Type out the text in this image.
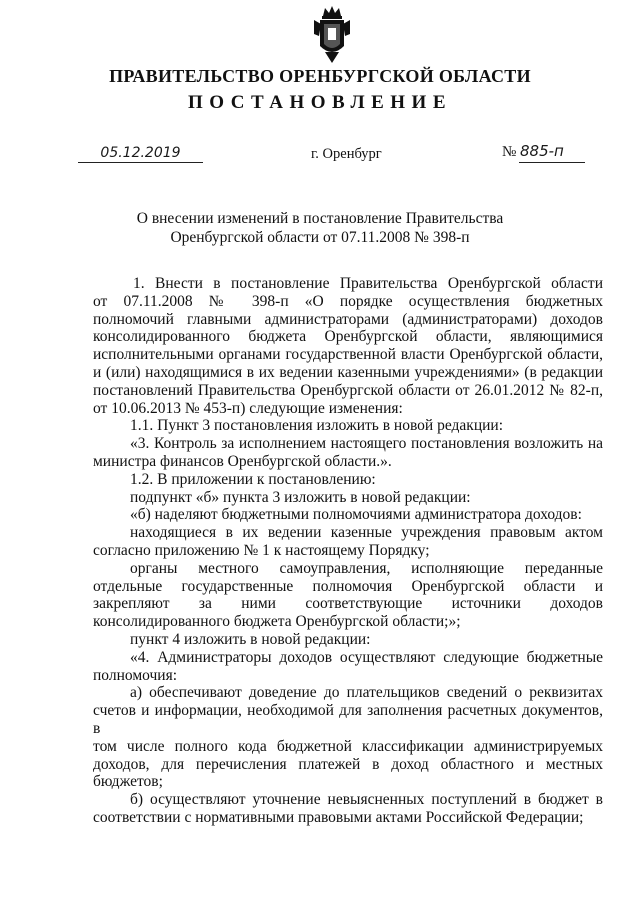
ПРАВИТЕЛЬСТВО ОРЕНБУРГСКОЙ ОБЛАСТИ
ПОСТАНОВЛЕНИЕ
05.12.2019	г. Оренбург	№ 885-п
О внесении изменений в постановление Правительства
Оренбургской области от 07.11.2008 № 398-п

1. Внести в постановление Правительства Оренбургской области

от 07.11.2008 № 398-п «О порядке осуществления бюджетных

полномочий главными администраторами (администраторами) доходов

консолидированного бюджета Оренбургской области, являющимися

исполнительными органами государственной власти Оренбургской области,

и (или) находящимися в их ведении казенными учреждениями» (в редакции

постановлений Правительства Оренбургской области от 26.01.2012 № 82-п,

от 10.06.2013 № 453-п) следующие изменения:

1.1. Пункт 3 постановления изложить в новой редакции:

«3. Контроль за исполнением настоящего постановления возложить на

министра финансов Оренбургской области.».

1.2. В приложении к постановлению:

подпункт «б» пункта 3 изложить в новой редакции:

«б) наделяют бюджетными полномочиями администратора доходов:

находящиеся в их ведении казенные учреждения правовым актом

согласно приложению № 1 к настоящему Порядку;

органы местного самоуправления, исполняющие переданные

отдельные государственные полномочия Оренбургской области и

закрепляют за ними соответствующие источники доходов

консолидированного бюджета Оренбургской области;»;

пункт 4 изложить в новой редакции:

«4. Администраторы доходов осуществляют следующие бюджетные

полномочия:

а) обеспечивают доведение до плательщиков сведений о реквизитах

счетов и информации, необходимой для заполнения расчетных документов, в

том числе полного кода бюджетной классификации администрируемых

доходов, для перечисления платежей в доход областного и местных

бюджетов;

б) осуществляют уточнение невыясненных поступлений в бюджет в

соответствии с нормативными правовыми актами Российской Федерации;
